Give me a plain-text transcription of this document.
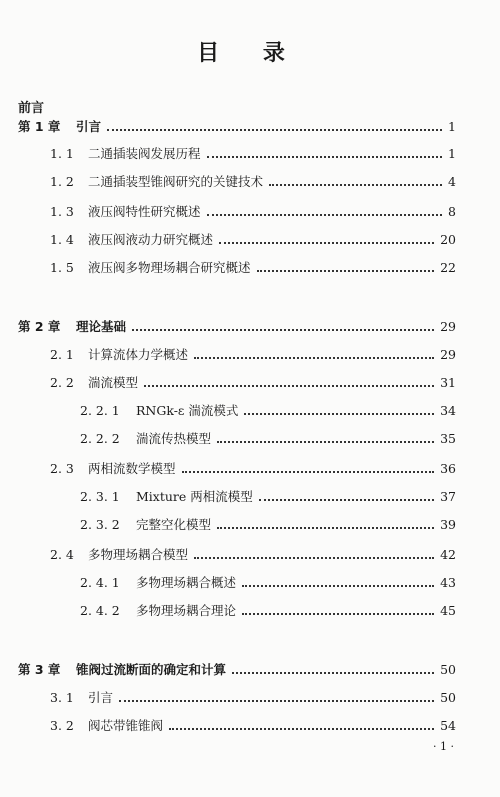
目 录
前言
第 1 章 引言	1
1. 1 二通插装阀发展历程	1
1. 2 二通插装型锥阀研究的关键技术	4
1. 3 液压阀特性研究概述	8
1. 4 液压阀液动力研究概述	20
1. 5 液压阀多物理场耦合研究概述	22
第 2 章 理论基础	29
2. 1 计算流体力学概述	29
2. 2 湍流模型	31
2. 2. 1 RNGk-ε 湍流模式	34
2. 2. 2 湍流传热模型	35
2. 3 两相流数学模型	36
2. 3. 1 Mixture 两相流模型	37
2. 3. 2 完整空化模型	39
2. 4 多物理场耦合模型	42
2. 4. 1 多物理场耦合概述	43
2. 4. 2 多物理场耦合理论	45
第 3 章 锥阀过流断面的确定和计算	50
3. 1 引言	50
3. 2 阀芯带锥锥阀	54
· 1 ·
